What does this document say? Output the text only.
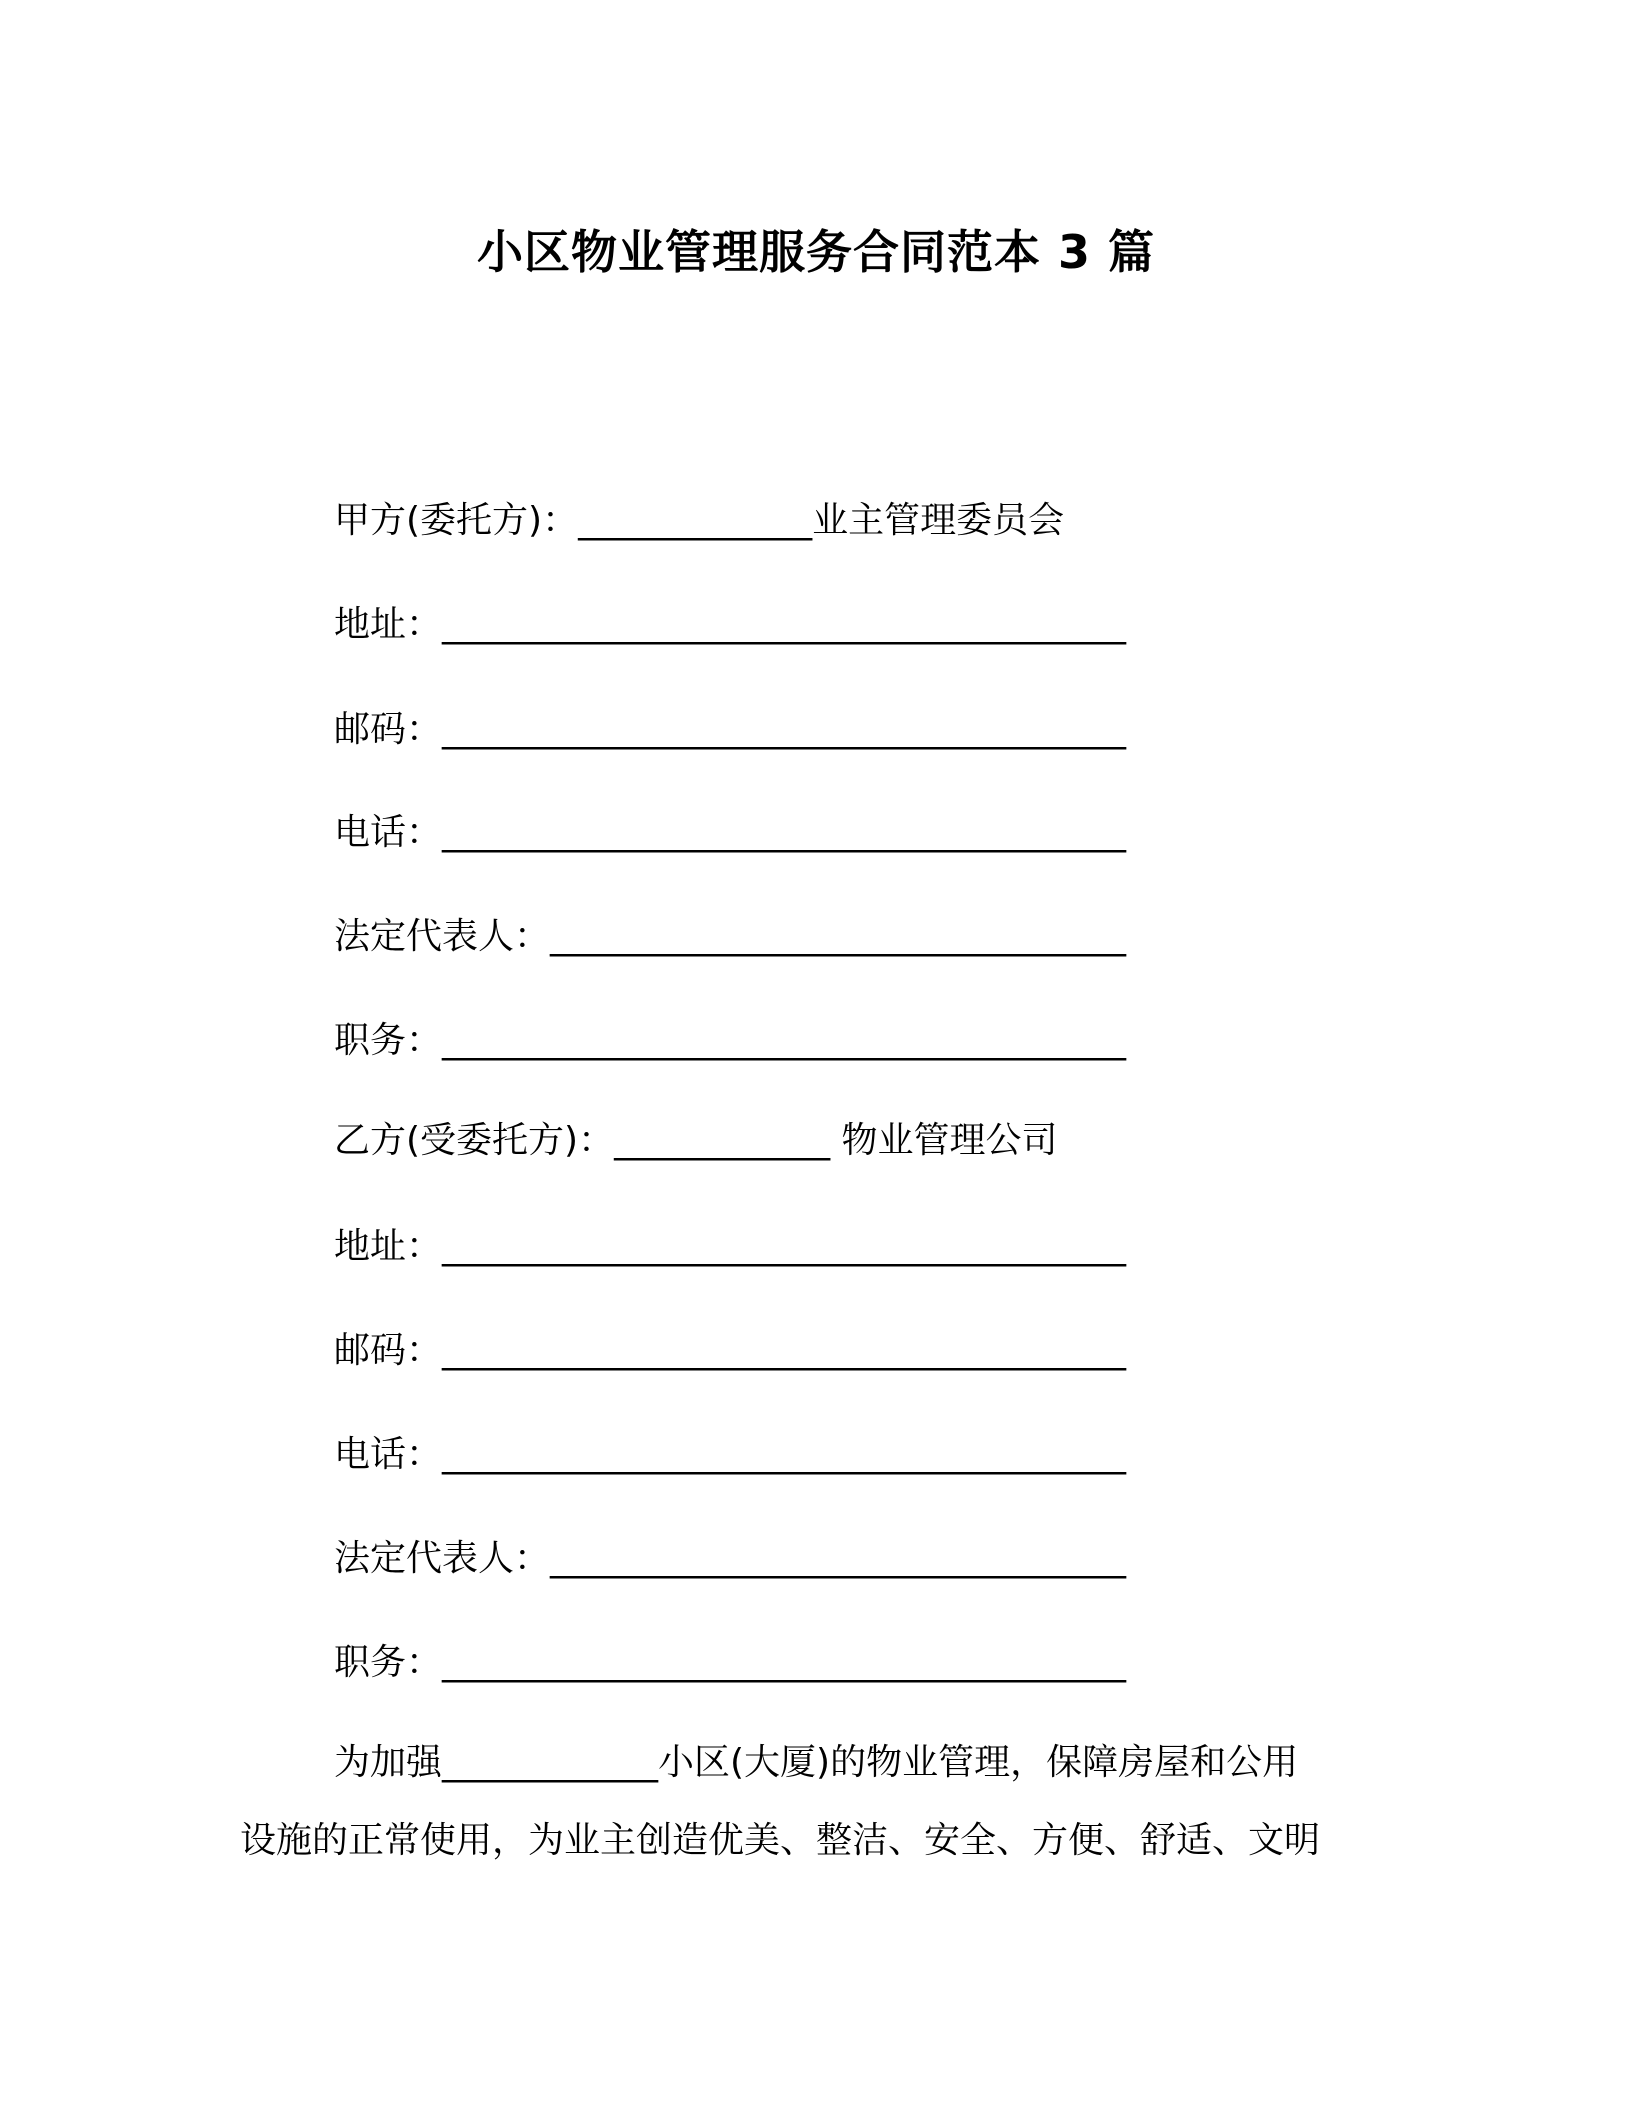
小区物业管理服务合同范本 3 篇
甲方(委托方)：_____________业主管理委员会
地址：______________________________________
邮码：______________________________________
电话：______________________________________
法定代表人：________________________________
职务：______________________________________
乙方(受委托方)：____________ 物业管理公司
地址：______________________________________
邮码：______________________________________
电话：______________________________________
法定代表人：________________________________
职务：______________________________________
为加强____________小区(大厦)的物业管理，保障房屋和公用
设施的正常使用，为业主创造优美、整洁、安全、方便、舒适、文明
